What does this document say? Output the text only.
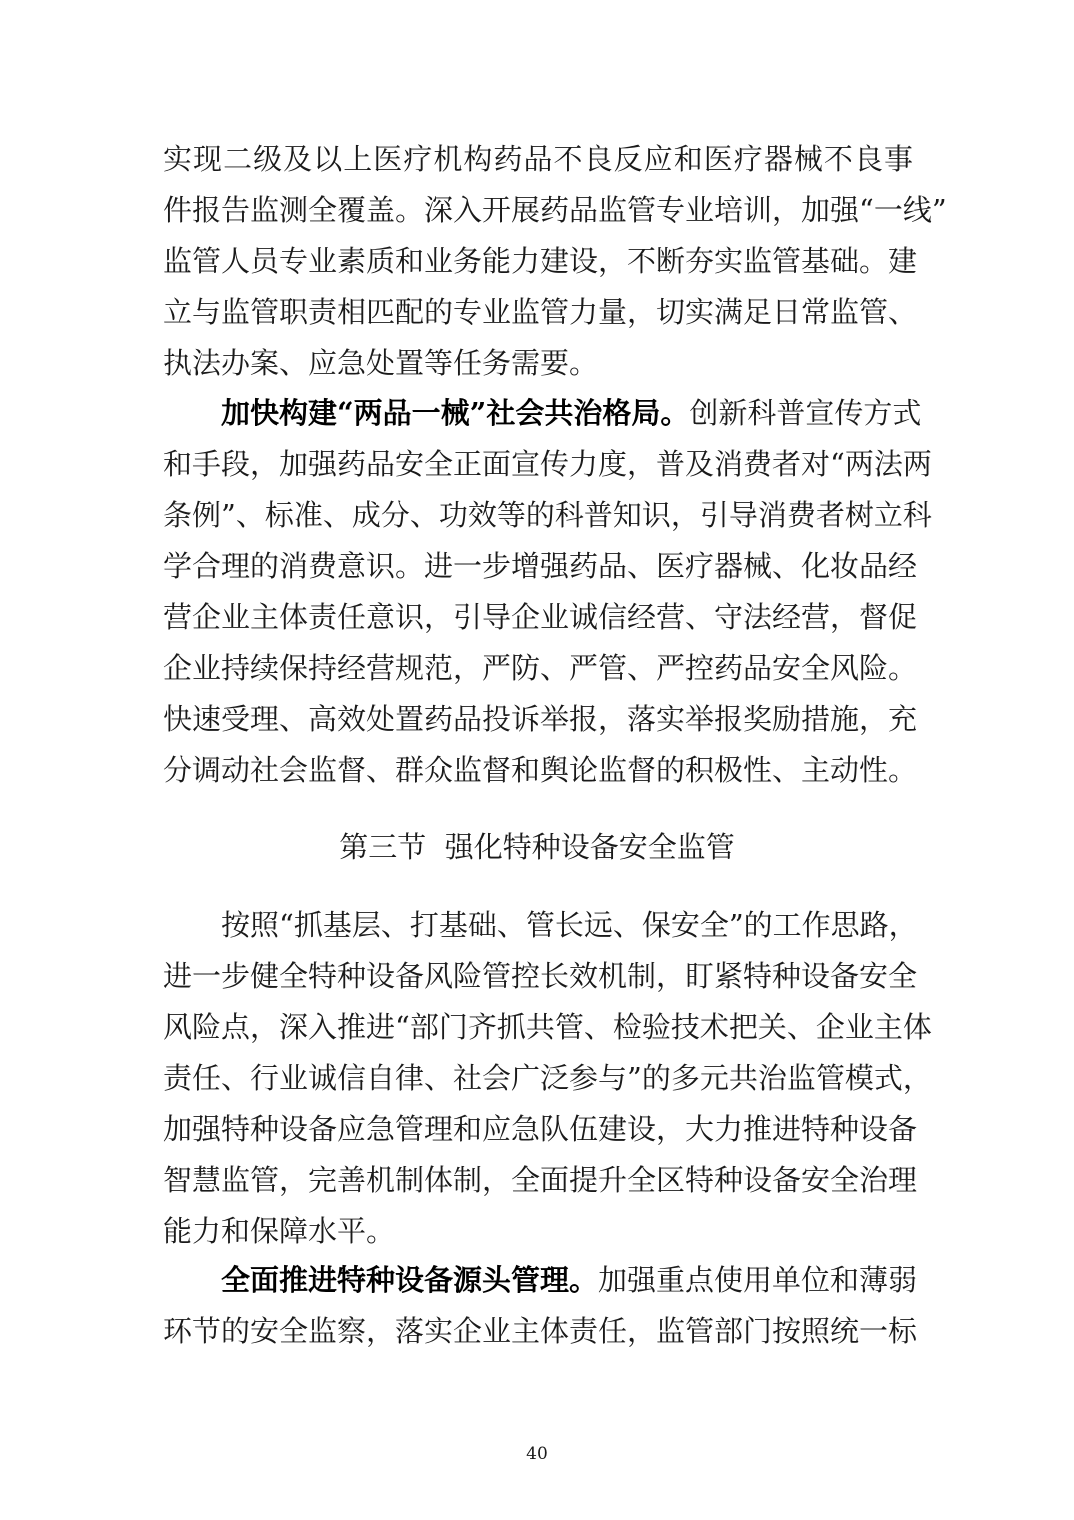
实现二级及以上医疗机构药品不良反应和医疗器械不良事
件报告监测全覆盖。深入开展药品监管专业培训，加强“一线”
监管人员专业素质和业务能力建设，不断夯实监管基础。建
立与监管职责相匹配的专业监管力量，切实满足日常监管、
执法办案、应急处置等任务需要。
加快构建“两品一械”社会共治格局。创新科普宣传方式
和手段，加强药品安全正面宣传力度，普及消费者对“两法两
条例”、标准、成分、功效等的科普知识，引导消费者树立科
学合理的消费意识。进一步增强药品、医疗器械、化妆品经
营企业主体责任意识，引导企业诚信经营、守法经营，督促
企业持续保持经营规范，严防、严管、严控药品安全风险。
快速受理、高效处置药品投诉举报，落实举报奖励措施，充
分调动社会监督、群众监督和舆论监督的积极性、主动性。
第三节  强化特种设备安全监管
按照“抓基层、打基础、管长远、保安全”的工作思路，
进一步健全特种设备风险管控长效机制，盯紧特种设备安全
风险点，深入推进“部门齐抓共管、检验技术把关、企业主体
责任、行业诚信自律、社会广泛参与”的多元共治监管模式，
加强特种设备应急管理和应急队伍建设，大力推进特种设备
智慧监管，完善机制体制，全面提升全区特种设备安全治理
能力和保障水平。
全面推进特种设备源头管理。加强重点使用单位和薄弱
环节的安全监察，落实企业主体责任，监管部门按照统一标
40
